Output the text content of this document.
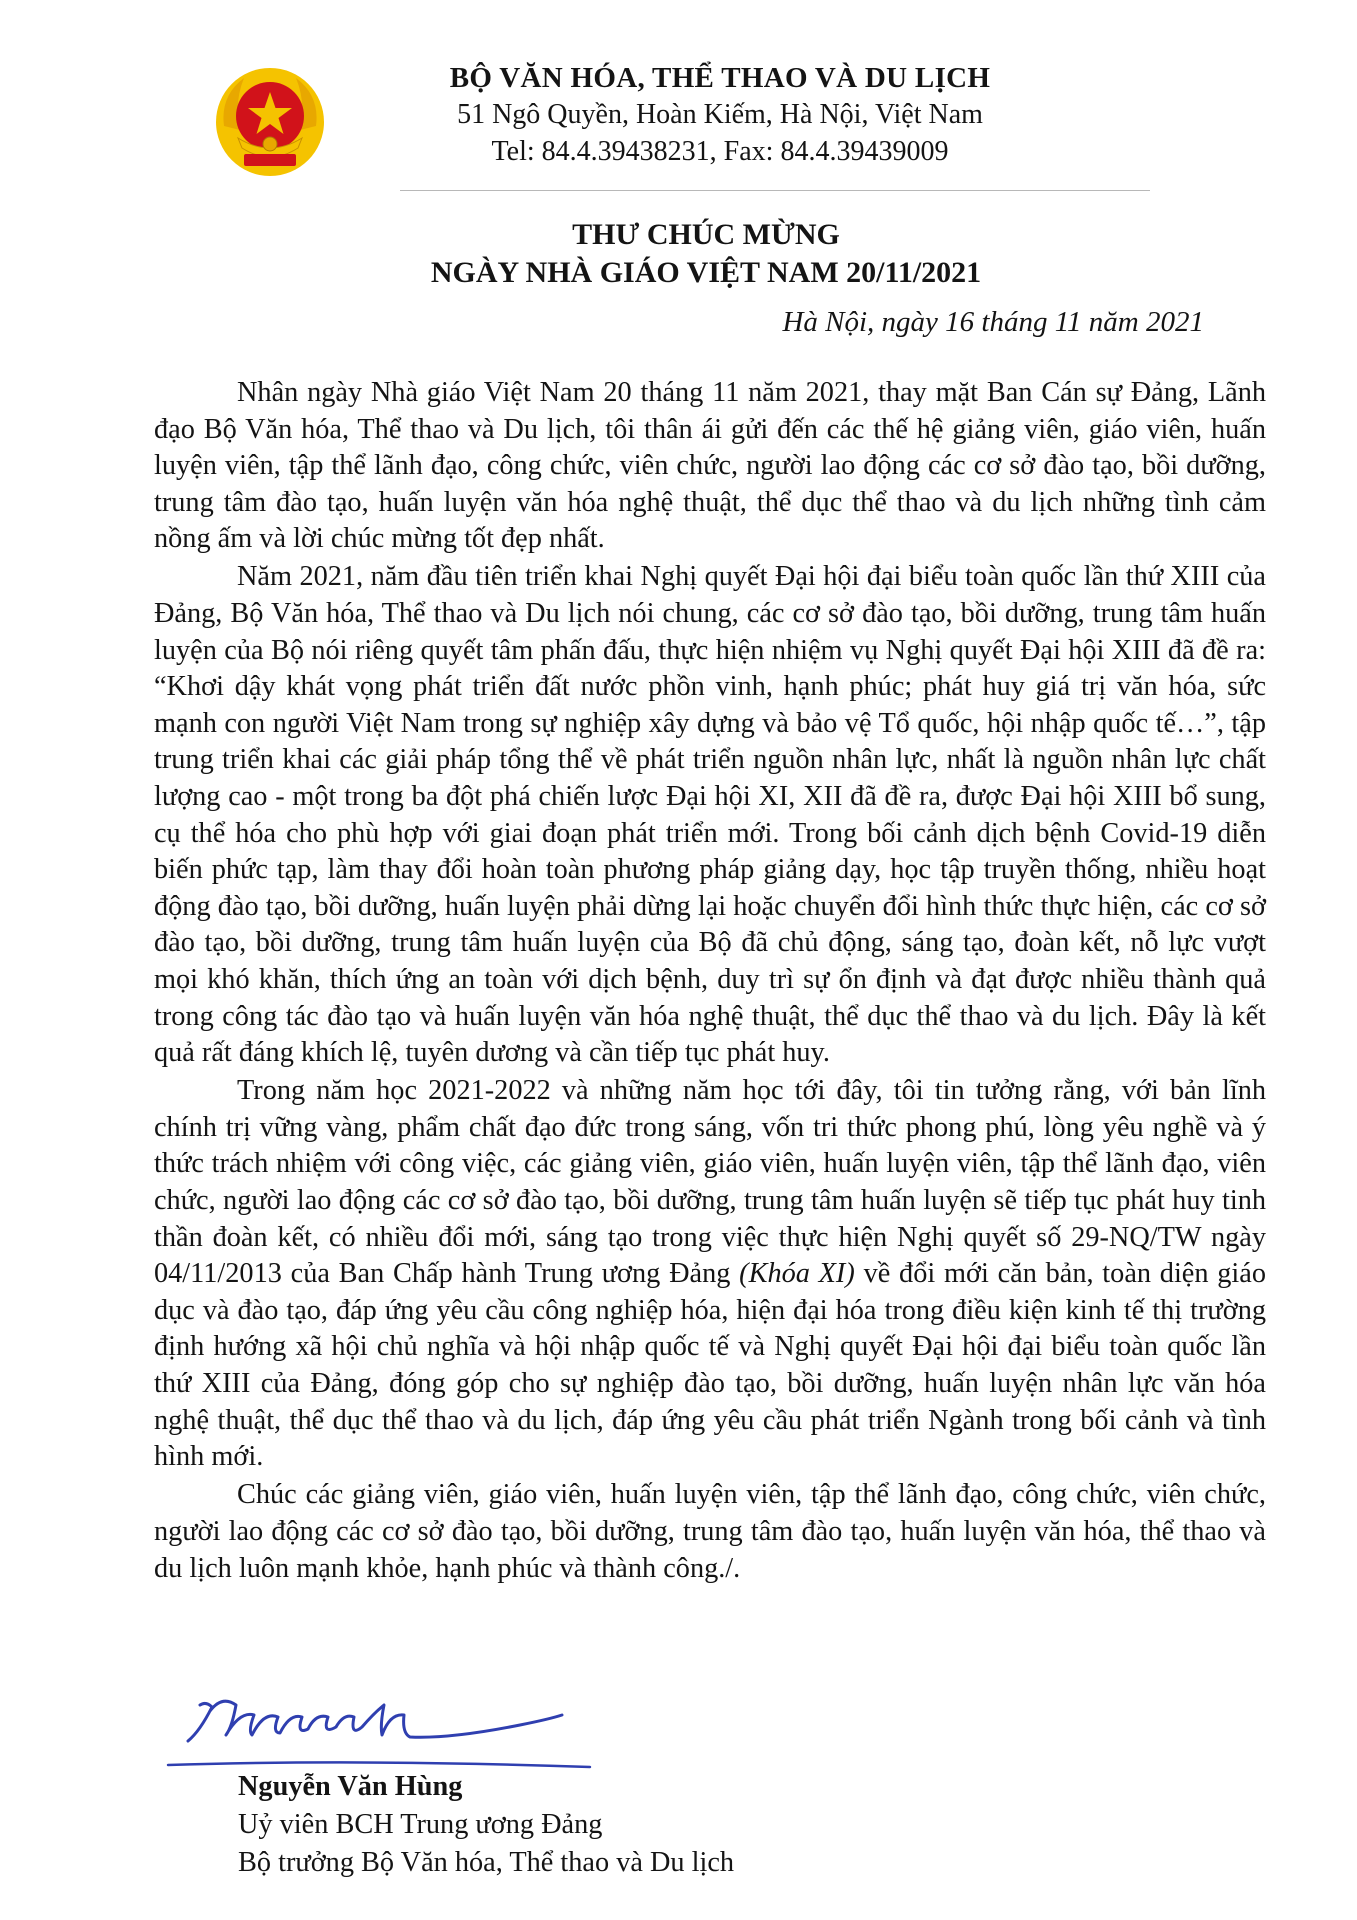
BỘ VĂN HÓA, THỂ THAO VÀ DU LỊCH
51 Ngô Quyền, Hoàn Kiếm, Hà Nội, Việt Nam
Tel: 84.4.39438231, Fax: 84.4.39439009
THƯ CHÚC MỪNG
NGÀY NHÀ GIÁO VIỆT NAM 20/11/2021
Hà Nội, ngày 16 tháng 11 năm 2021

Nhân ngày Nhà giáo Việt Nam 20 tháng 11 năm 2021, thay mặt Ban Cán sự Đảng, Lãnh đạo Bộ Văn hóa, Thể thao và Du lịch, tôi thân ái gửi đến các thế hệ giảng viên, giáo viên, huấn luyện viên, tập thể lãnh đạo, công chức, viên chức, người lao động các cơ sở đào tạo, bồi dưỡng, trung tâm đào tạo, huấn luyện văn hóa nghệ thuật, thể dục thể thao và du lịch những tình cảm nồng ấm và lời chúc mừng tốt đẹp nhất.

Năm 2021, năm đầu tiên triển khai Nghị quyết Đại hội đại biểu toàn quốc lần thứ XIII của Đảng, Bộ Văn hóa, Thể thao và Du lịch nói chung, các cơ sở đào tạo, bồi dưỡng, trung tâm huấn luyện của Bộ nói riêng quyết tâm phấn đấu, thực hiện nhiệm vụ Nghị quyết Đại hội XIII đã đề ra: “Khơi dậy khát vọng phát triển đất nước phồn vinh, hạnh phúc; phát huy giá trị văn hóa, sức mạnh con người Việt Nam trong sự nghiệp xây dựng và bảo vệ Tổ quốc, hội nhập quốc tế…”, tập trung triển khai các giải pháp tổng thể về phát triển nguồn nhân lực, nhất là nguồn nhân lực chất lượng cao - một trong ba đột phá chiến lược Đại hội XI, XII đã đề ra, được Đại hội XIII bổ sung, cụ thể hóa cho phù hợp với giai đoạn phát triển mới. Trong bối cảnh dịch bệnh Covid-19 diễn biến phức tạp, làm thay đổi hoàn toàn phương pháp giảng dạy, học tập truyền thống, nhiều hoạt động đào tạo, bồi dưỡng, huấn luyện phải dừng lại hoặc chuyển đổi hình thức thực hiện, các cơ sở đào tạo, bồi dưỡng, trung tâm huấn luyện của Bộ đã chủ động, sáng tạo, đoàn kết, nỗ lực vượt mọi khó khăn, thích ứng an toàn với dịch bệnh, duy trì sự ổn định và đạt được nhiều thành quả trong công tác đào tạo và huấn luyện văn hóa nghệ thuật, thể dục thể thao và du lịch. Đây là kết quả rất đáng khích lệ, tuyên dương và cần tiếp tục phát huy.

Trong năm học 2021-2022 và những năm học tới đây, tôi tin tưởng rằng, với bản lĩnh chính trị vững vàng, phẩm chất đạo đức trong sáng, vốn tri thức phong phú, lòng yêu nghề và ý thức trách nhiệm với công việc, các giảng viên, giáo viên, huấn luyện viên, tập thể lãnh đạo, viên chức, người lao động các cơ sở đào tạo, bồi dưỡng, trung tâm huấn luyện sẽ tiếp tục phát huy tinh thần đoàn kết, có nhiều đổi mới, sáng tạo trong việc thực hiện Nghị quyết số 29-NQ/TW ngày 04/11/2013 của Ban Chấp hành Trung ương Đảng (Khóa XI) về đổi mới căn bản, toàn diện giáo dục và đào tạo, đáp ứng yêu cầu công nghiệp hóa, hiện đại hóa trong điều kiện kinh tế thị trường định hướng xã hội chủ nghĩa và hội nhập quốc tế và Nghị quyết Đại hội đại biểu toàn quốc lần thứ XIII của Đảng, đóng góp cho sự nghiệp đào tạo, bồi dưỡng, huấn luyện nhân lực văn hóa nghệ thuật, thể dục thể thao và du lịch, đáp ứng yêu cầu phát triển Ngành trong bối cảnh và tình hình mới.

Chúc các giảng viên, giáo viên, huấn luyện viên, tập thể lãnh đạo, công chức, viên chức, người lao động các cơ sở đào tạo, bồi dưỡng, trung tâm đào tạo, huấn luyện văn hóa, thể thao và du lịch luôn mạnh khỏe, hạnh phúc và thành công./.

Nguyễn Văn Hùng
Uỷ viên BCH Trung ương Đảng
Bộ trưởng Bộ Văn hóa, Thể thao và Du lịch
